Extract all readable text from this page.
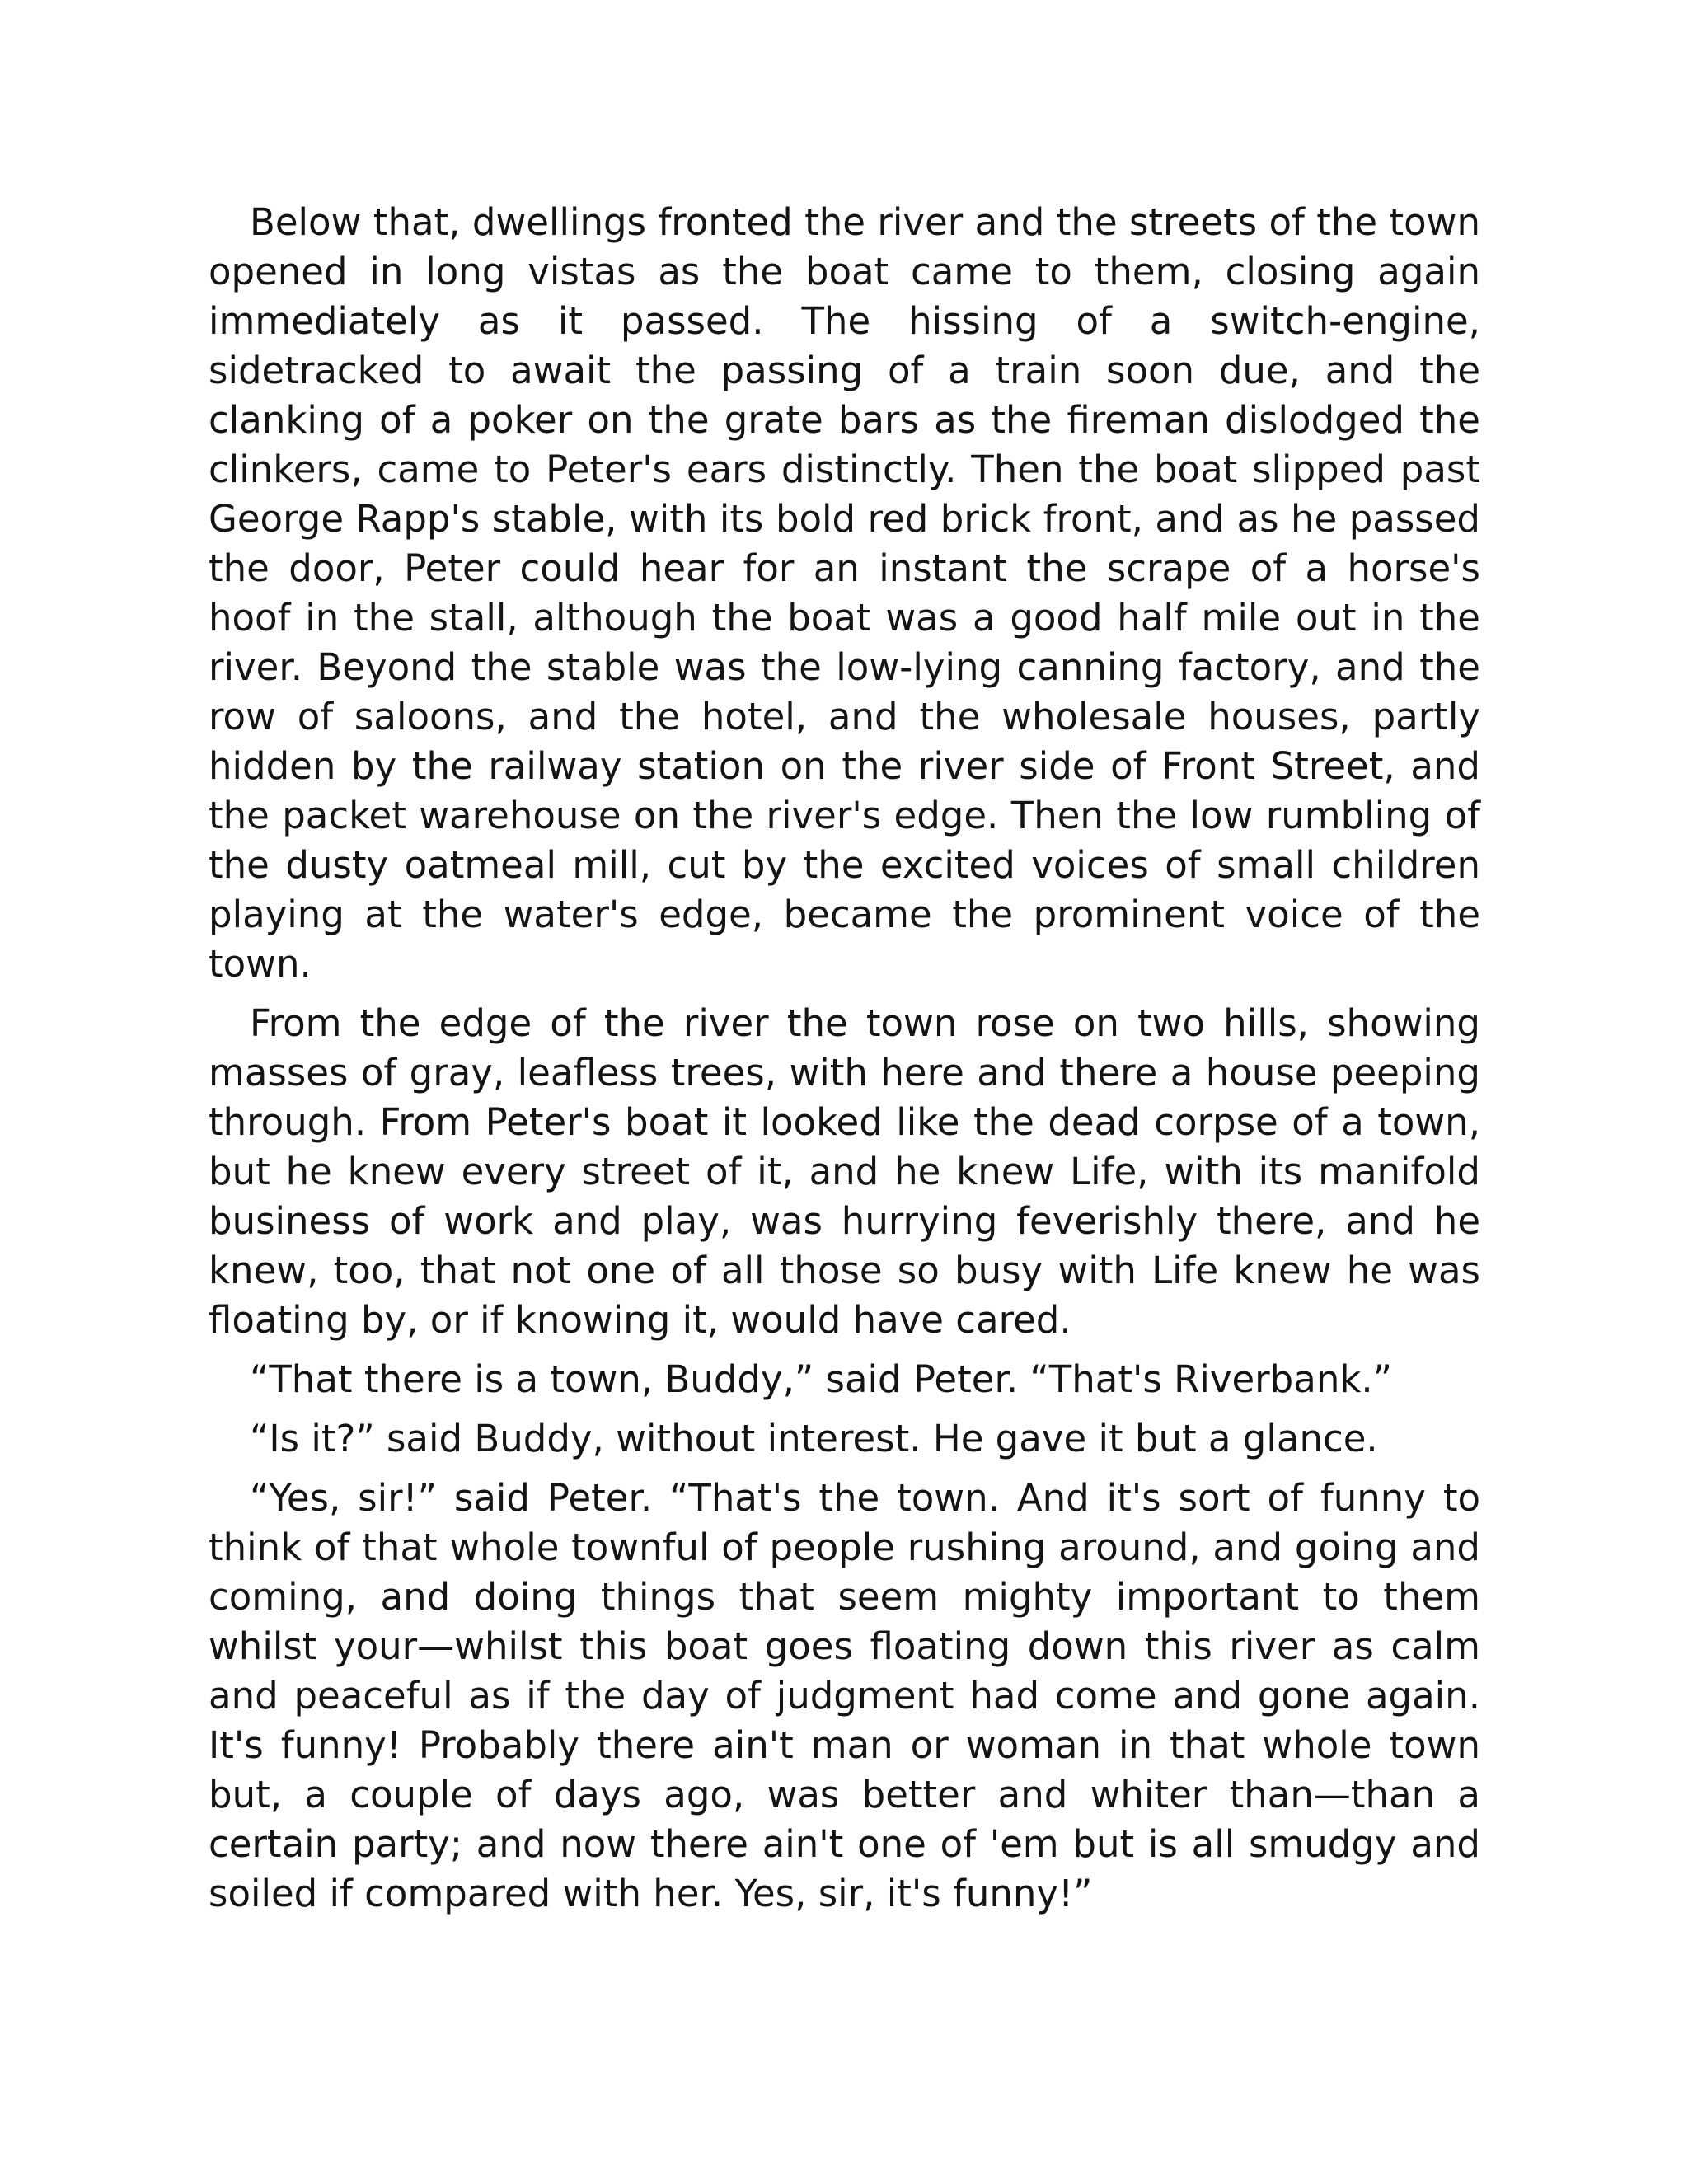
Below that, dwellings fronted the river and the streets of the town opened in long vistas as the boat came to them, closing again immediately as it passed. The hissing of a switch-engine, sidetracked to await the passing of a train soon due, and the clanking of a poker on the grate bars as the fireman dislodged the clinkers, came to Peter's ears distinctly. Then the boat slipped past George Rapp's stable, with its bold red brick front, and as he passed the door, Peter could hear for an instant the scrape of a horse's hoof in the stall, although the boat was a good half mile out in the river. Beyond the stable was the low-lying canning factory, and the row of saloons, and the hotel, and the wholesale houses, partly hidden by the railway station on the river side of Front Street, and the packet warehouse on the river's edge. Then the low rumbling of the dusty oatmeal mill, cut by the excited voices of small children playing at the water's edge, became the prominent voice of the town.

From the edge of the river the town rose on two hills, showing masses of gray, leafless trees, with here and there a house peeping through. From Peter's boat it looked like the dead corpse of a town, but he knew every street of it, and he knew Life, with its manifold business of work and play, was hurrying feverishly there, and he knew, too, that not one of all those so busy with Life knew he was floating by, or if knowing it, would have cared.

“That there is a town, Buddy,” said Peter. “That's Riverbank.”

“Is it?” said Buddy, without interest. He gave it but a glance.

“Yes, sir!” said Peter. “That's the town. And it's sort of funny to think of that whole townful of people rushing around, and going and coming, and doing things that seem mighty important to them whilst your—whilst this boat goes floating down this river as calm and peaceful as if the day of judgment had come and gone again. It's funny! Probably there ain't man or woman in that whole town but, a couple of days ago, was better and whiter than—than a certain party; and now there ain't one of 'em but is all smudgy and soiled if compared with her. Yes, sir, it's funny!”
